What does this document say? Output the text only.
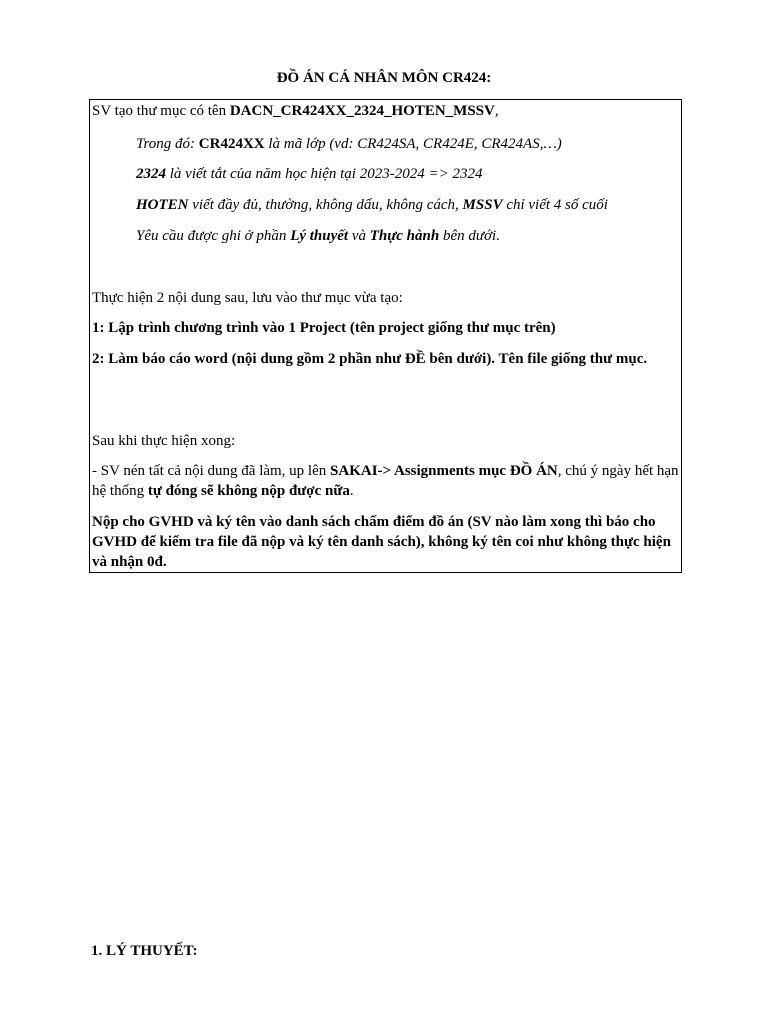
ĐỒ ÁN CÁ NHÂN MÔN CR424:
SV tạo thư mục có tên DACN_CR424XX_2324_HOTEN_MSSV,
Trong đó: CR424XX là mã lớp (vd: CR424SA, CR424E, CR424AS,…)
2324 là viết tắt của năm học hiện tại 2023-2024 => 2324
HOTEN viết đầy đủ, thường, không dấu, không cách, MSSV chỉ viết 4 số cuối
Yêu cầu được ghi ở phần Lý thuyết và Thực hành bên dưới.
Thực hiện 2 nội dung sau, lưu vào thư mục vừa tạo:
1: Lập trình chương trình vào 1 Project (tên project giống thư mục trên)
2: Làm báo cáo word (nội dung gồm 2 phần như ĐỀ bên dưới). Tên file giống thư mục.
Sau khi thực hiện xong:
- SV nén tất cả nội dung đã làm, up lên SAKAI-> Assignments mục ĐỒ ÁN, chú ý ngày hết hạn hệ thống tự đóng sẽ không nộp được nữa.
Nộp cho GVHD và ký tên vào danh sách chấm điểm đồ án (SV nào làm xong thì báo cho GVHD để kiểm tra file đã nộp và ký tên danh sách), không ký tên coi như không thực hiện và nhận 0đ.
1. LÝ THUYẾT:
